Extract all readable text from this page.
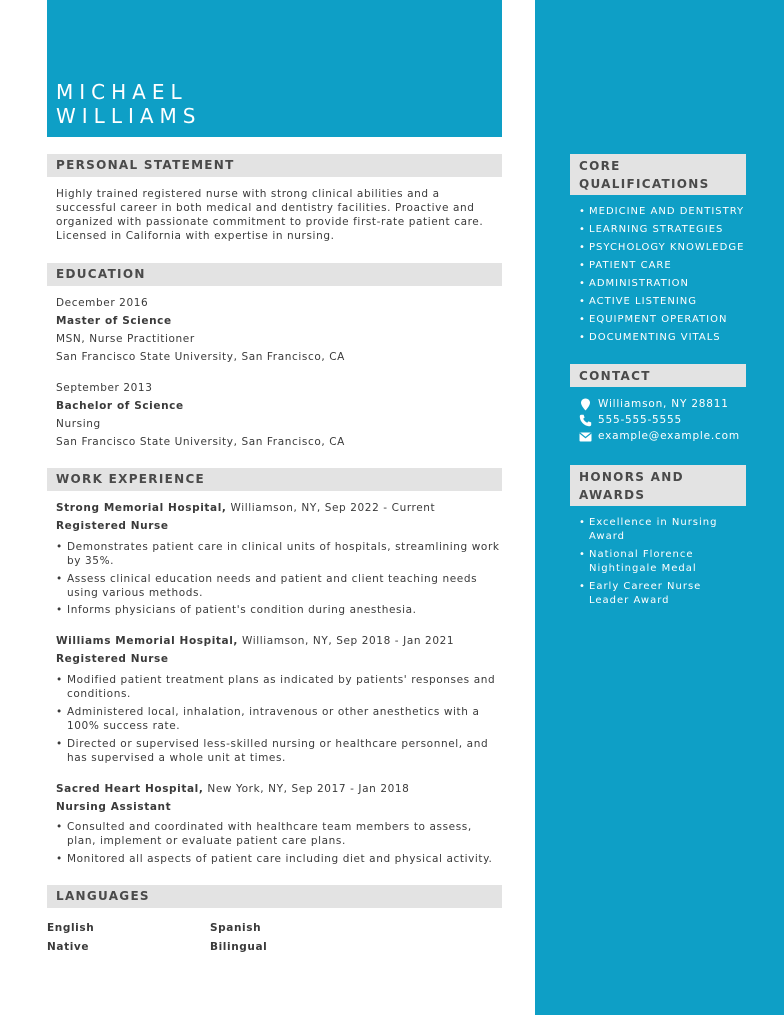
MICHAEL
WILLIAMS
PERSONAL STATEMENT
Highly trained registered nurse with strong clinical abilities and a successful career in both medical and dentistry facilities. Proactive and organized with passionate commitment to provide first-rate patient care. Licensed in California with expertise in nursing.
EDUCATION
December 2016
Master of Science
MSN, Nurse Practitioner
San Francisco State University, San Francisco, CA
September 2013
Bachelor of Science
Nursing
San Francisco State University, San Francisco, CA
WORK EXPERIENCE
Strong Memorial Hospital, Williamson, NY, Sep 2022 - Current
Registered Nurse
• Demonstrates patient care in clinical units of hospitals, streamlining work by 35%.
• Assess clinical education needs and patient and client teaching needs using various methods.
• Informs physicians of patient's condition during anesthesia.
Williams Memorial Hospital, Williamson, NY, Sep 2018 - Jan 2021
Registered Nurse
• Modified patient treatment plans as indicated by patients' responses and conditions.
• Administered local, inhalation, intravenous or other anesthetics with a 100% success rate.
• Directed or supervised less-skilled nursing or healthcare personnel, and has supervised a whole unit at times.
Sacred Heart Hospital, New York, NY, Sep 2017 - Jan 2018
Nursing Assistant
• Consulted and coordinated with healthcare team members to assess, plan, implement or evaluate patient care plans.
• Monitored all aspects of patient care including diet and physical activity.
LANGUAGES
English
Native
Spanish
Bilingual
CORE QUALIFICATIONS
• MEDICINE AND DENTISTRY
• LEARNING STRATEGIES
• PSYCHOLOGY KNOWLEDGE
• PATIENT CARE
• ADMINISTRATION
• ACTIVE LISTENING
• EQUIPMENT OPERATION
• DOCUMENTING VITALS
CONTACT
Williamson, NY 28811
555-555-5555
example@example.com
HONORS AND AWARDS
• Excellence in Nursing Award
• National Florence Nightingale Medal
• Early Career Nurse Leader Award
